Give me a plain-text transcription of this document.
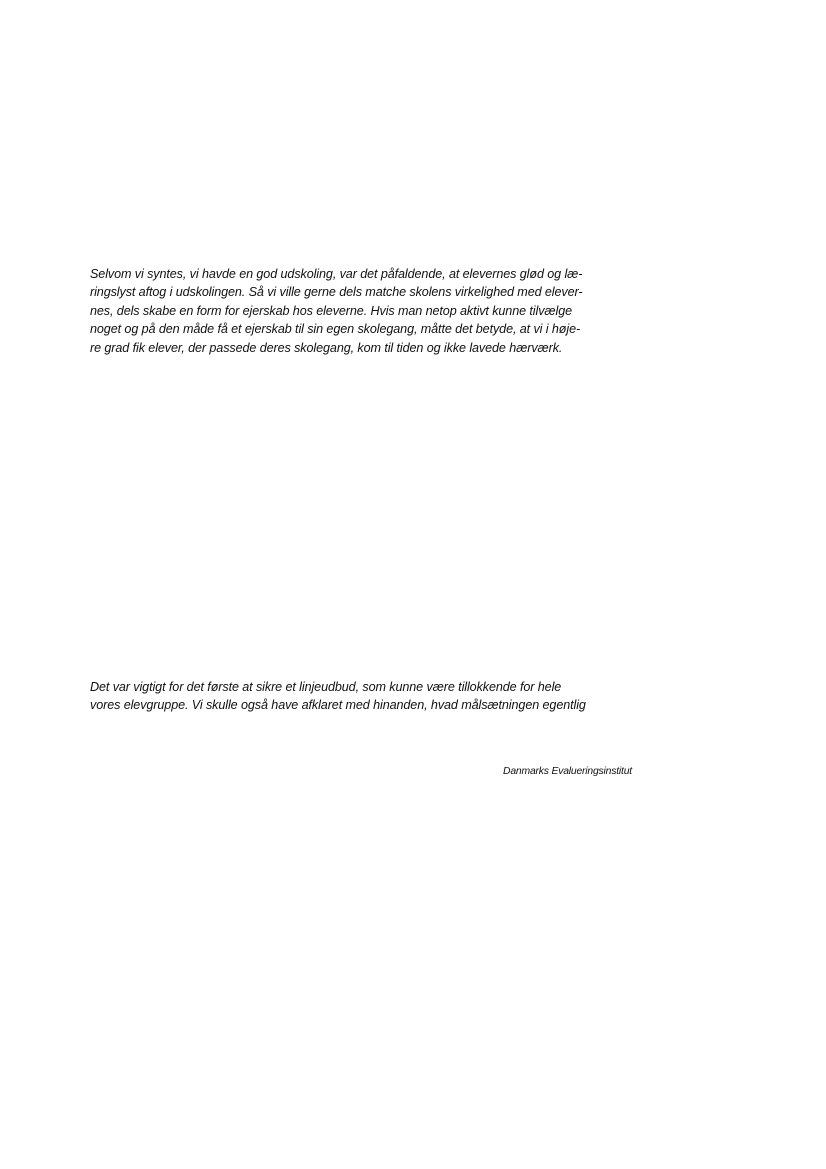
Selvom vi syntes, vi havde en god udskoling, var det påfaldende, at elevernes glød og læ-
ringslyst aftog i udskolingen. Så vi ville gerne dels matche skolens virkelighed med elever-
nes, dels skabe en form for ejerskab hos eleverne. Hvis man netop aktivt kunne tilvælge
noget og på den måde få et ejerskab til sin egen skolegang, måtte det betyde, at vi i høje-
re grad fik elever, der passede deres skolegang, kom til tiden og ikke lavede hærværk.

Det var vigtigt for det første at sikre et linjeudbud, som kunne være tillokkende for hele
vores elevgruppe. Vi skulle også have afklaret med hinanden, hvad målsætningen egentlig

Danmarks Evalueringsinstitut
